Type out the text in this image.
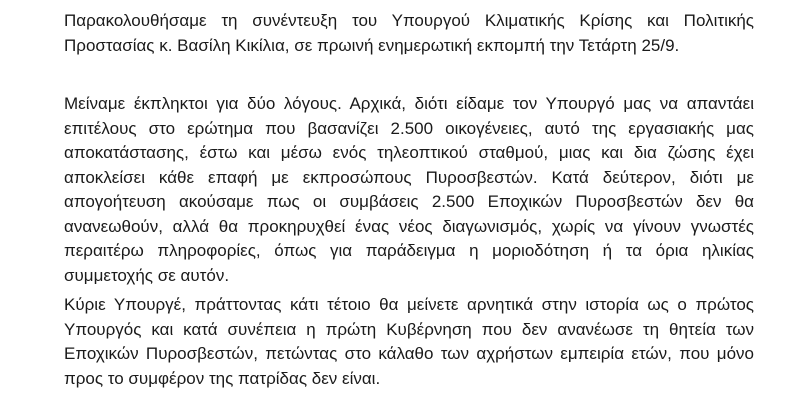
Παρακολουθήσαμε τη συνέντευξη του Υπουργού Κλιματικής Κρίσης και Πολιτικής Προστασίας κ. Βασίλη Κικίλια, σε πρωινή ενημερωτική εκπομπή την Τετάρτη 25/9.

Μείναμε έκπληκτοι για δύο λόγους. Αρχικά, διότι είδαμε τον Υπουργό μας να απαντάει επιτέλους στο ερώτημα που βασανίζει 2.500 οικογένειες, αυτό της εργασιακής μας αποκατάστασης, έστω και μέσω ενός τηλεοπτικού σταθμού, μιας και δια ζώσης έχει αποκλείσει κάθε επαφή με εκπροσώπους Πυροσβεστών. Κατά δεύτερον, διότι με απογοήτευση ακούσαμε πως οι συμβάσεις 2.500 Εποχικών Πυροσβεστών δεν θα ανανεωθούν, αλλά θα προκηρυχθεί ένας νέος διαγωνισμός, χωρίς να γίνουν γνωστές περαιτέρω πληροφορίες, όπως για παράδειγμα η μοριοδότηση ή τα όρια ηλικίας συμμετοχής σε αυτόν.

Κύριε Υπουργέ, πράττοντας κάτι τέτοιο θα μείνετε αρνητικά στην ιστορία ως ο πρώτος Υπουργός και κατά συνέπεια η πρώτη Κυβέρνηση που δεν ανανέωσε τη θητεία των Εποχικών Πυροσβεστών, πετώντας στο κάλαθο των αχρήστων εμπειρία ετών, που μόνο προς το συμφέρον της πατρίδας δεν είναι.
